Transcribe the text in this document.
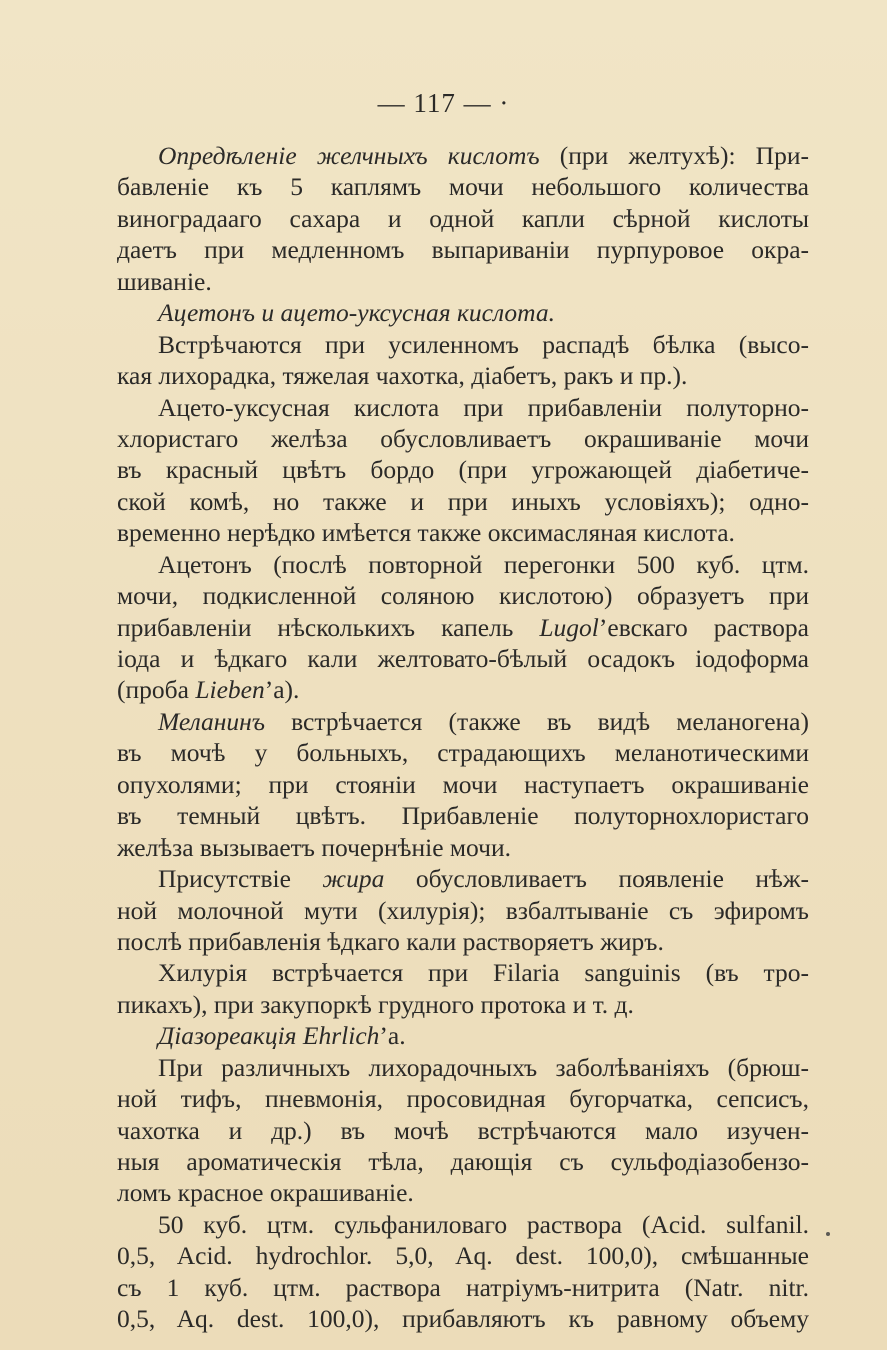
— 117 — ·
Опредѣленіе желчныхъ кислотъ (при желтухѣ): При-
бавленіе къ 5 каплямъ мочи небольшого количества
виноградааго сахара и одной капли сѣрной кислоты
даетъ при медленномъ выпариваніи пурпуровое окра-
шиваніе.
Ацетонъ и ацето-уксусная кислота.
Встрѣчаются при усиленномъ распадѣ бѣлка (высо-
кая лихорадка, тяжелая чахотка, діабетъ, ракъ и пр.).
Ацето-уксусная кислота при прибавленіи полуторно-
хлористаго желѣза обусловливаетъ окрашиваніе мочи
въ красный цвѣтъ бордо (при угрожающей діабетиче-
ской комѣ, но также и при иныхъ условіяхъ); одно-
временно нерѣдко имѣется также оксимасляная кислота.
Ацетонъ (послѣ повторной перегонки 500 куб. цтм.
мочи, подкисленной соляною кислотою) образуетъ при
прибавленіи нѣсколькихъ капель Lugol’евскаго раствора
іода и ѣдкаго кали желтовато-бѣлый осадокъ іодоформа
(проба Lieben’а).
Меланинъ встрѣчается (также въ видѣ меланогена)
въ мочѣ у больныхъ, страдающихъ меланотическими
опухолями; при стояніи мочи наступаетъ окрашиваніе
въ темный цвѣтъ. Прибавленіе полуторнохлористаго
желѣза вызываетъ почернѣніе мочи.
Присутствіе жира обусловливаетъ появленіе нѣж-
ной молочной мути (хилурія); взбалтываніе съ эфиромъ
послѣ прибавленія ѣдкаго кали растворяетъ жиръ.
Хилурія встрѣчается при Filaria sanguinis (въ тро-
пикахъ), при закупоркѣ грудного протока и т. д.
Діазореакція Ehrlich’а.
При различныхъ лихорадочныхъ заболѣваніяхъ (брюш-
ной тифъ, пневмонія, просовидная бугорчатка, сепсисъ,
чахотка и др.) въ мочѣ встрѣчаются мало изучен-
ныя ароматическія тѣла, дающія съ сульфодіазобензо-
ломъ красное окрашиваніе.
50 куб. цтм. сульфаниловаго раствора (Acid. sulfanil.
0,5, Acid. hydrochlor. 5,0, Aq. dest. 100,0), смѣшанные
съ 1 куб. цтм. раствора натріумъ-нитрита (Natr. nitr.
0,5, Aq. dest. 100,0), прибавляютъ къ равному объему
